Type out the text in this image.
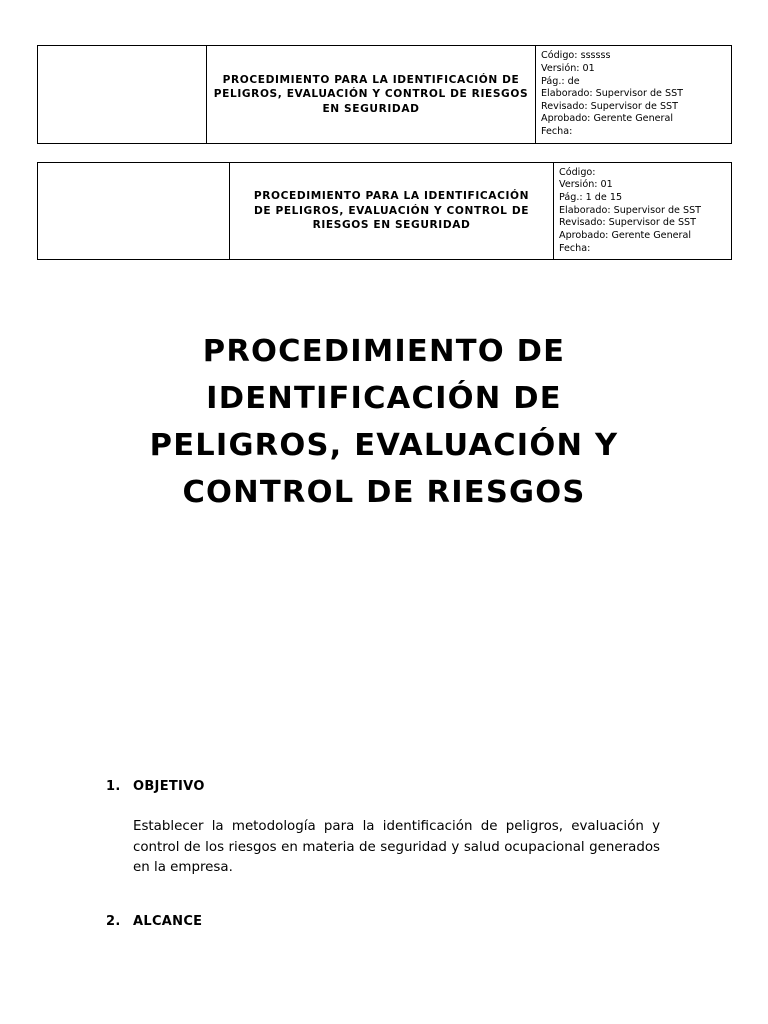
	PROCEDIMIENTO PARA LA IDENTIFICACIÓN DE PELIGROS, EVALUACIÓN Y CONTROL DE RIESGOS EN SEGURIDAD	
Código: ssssss
Versión: 01
Pág.: de
Elaborado: Supervisor de SST
Revisado: Supervisor de SST
Aprobado: Gerente General
Fecha:
	PROCEDIMIENTO PARA LA IDENTIFICACIÓN DE PELIGROS, EVALUACIÓN Y CONTROL DE RIESGOS EN SEGURIDAD	
Código:
Versión: 01
Pág.: 1 de 15
Elaborado: Supervisor de SST
Revisado: Supervisor de SST
Aprobado: Gerente General
Fecha:
PROCEDIMIENTO DE
IDENTIFICACIÓN DE
PELIGROS, EVALUACIÓN Y
CONTROL DE RIESGOS
1. OBJETIVO
Establecer la metodología para la identificación de peligros, evaluación y control de los riesgos en materia de seguridad y salud ocupacional generados en la empresa.
2. ALCANCE
